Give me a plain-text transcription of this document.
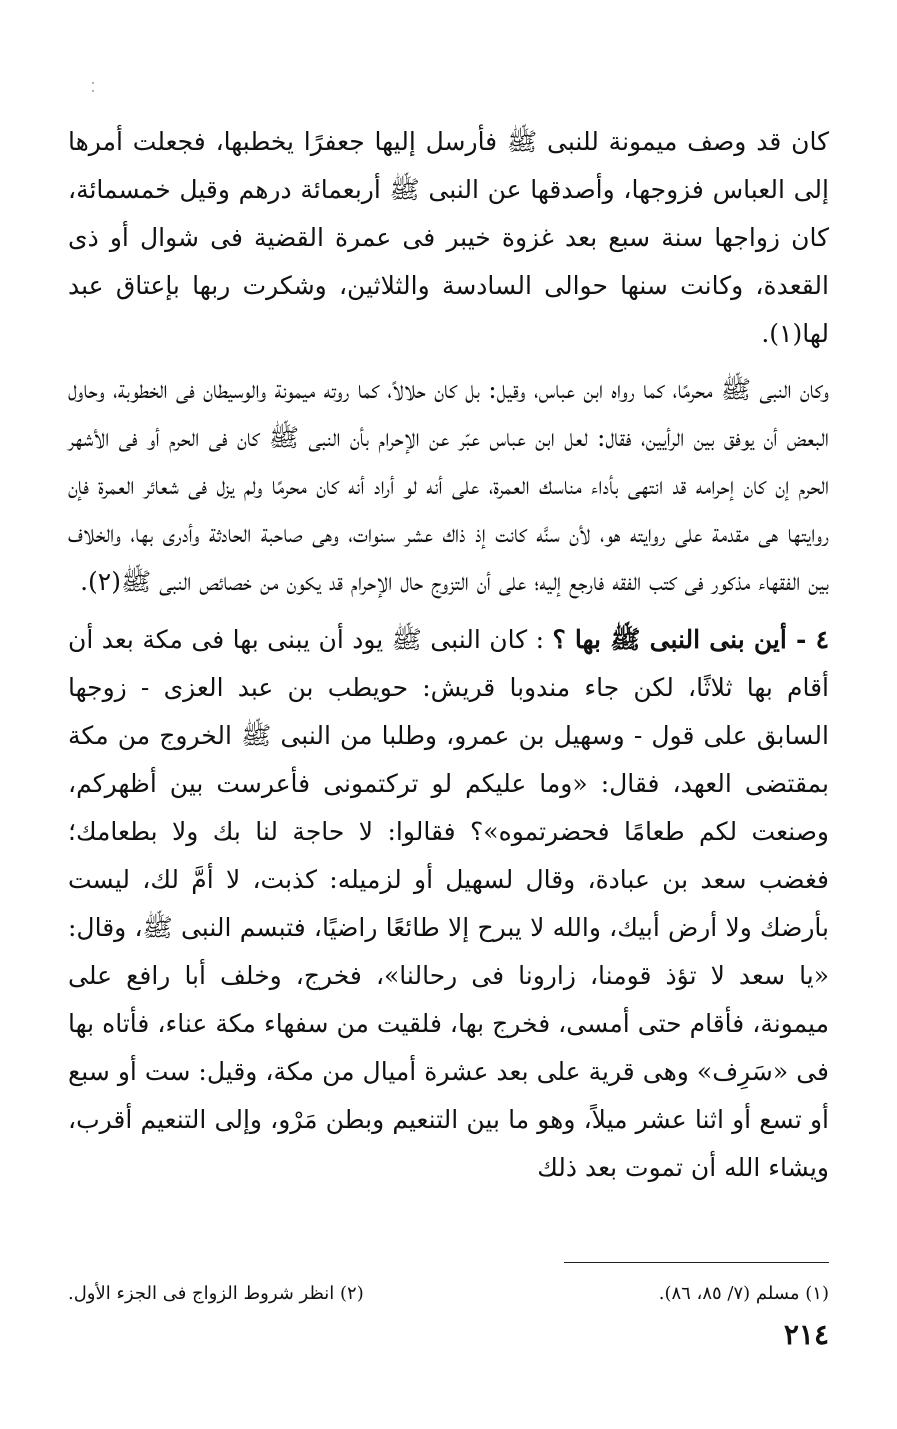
كان قد وصف ميمونة للنبى ﷺ فأرسل إليها جعفرًا يخطبها، فجعلت أمرها إلى العباس فزوجها، وأصدقها عن النبى ﷺ أربعمائة درهم وقيل خمسمائة، كان زواجها سنة سبع بعد غزوة خيبر فى عمرة القضية فى شوال أو ذى القعدة، وكانت سنها حوالى السادسة والثلاثين، وشكرت ربها بإعتاق عبد لها(١).

وكان النبى ﷺ محرمًا، كما رواه ابن عباس، وقيل: بل كان حلالاً، كما روته ميمونة والوسيطان فى الخطوبة، وحاول البعض أن يوفق بين الرأيين، فقال: لعل ابن عباس عبّر عن الإحرام بأن النبى ﷺ كان فى الحرم أو فى الأشهر الحرم إن كان إحرامه قد انتهى بأداء مناسك العمرة، على أنه لو أراد أنه كان محرمًا ولم يزل فى شعائر العمرة فإن روايتها هى مقدمة على روايته هو، لأن سنَّه كانت إذ ذاك عشر سنوات، وهى صاحبة الحادثة وأدرى بها، والخلاف بين الفقهاء مذكور فى كتب الفقه فارجع إليه؛ على أن التزوج حال الإحرام قد يكون من خصائص النبى ﷺ(٢).

٤ - أين بنى النبى ﷺ بها ؟ : كان النبى ﷺ يود أن يبنى بها فى مكة بعد أن أقام بها ثلاثًا، لكن جاء مندوبا قريش: حويطب بن عبد العزى - زوجها السابق على قول - وسهيل بن عمرو، وطلبا من النبى ﷺ الخروج من مكة بمقتضى العهد، فقال: «وما عليكم لو تركتمونى فأعرست بين أظهركم، وصنعت لكم طعامًا فحضرتموه»؟ فقالوا: لا حاجة لنا بك ولا بطعامك؛ فغضب سعد بن عبادة، وقال لسهيل أو لزميله: كذبت، لا أمَّ لك، ليست بأرضك ولا أرض أبيك، والله لا يبرح إلا طائعًا راضيًا، فتبسم النبى ﷺ، وقال: «يا سعد لا تؤذ قومنا، زارونا فى رحالنا»، فخرج، وخلف أبا رافع على ميمونة، فأقام حتى أمسى، فخرج بها، فلقيت من سفهاء مكة عناء، فأتاه بها فى «سَرِف» وهى قرية على بعد عشرة أميال من مكة، وقيل: ست أو سبع أو تسع أو اثنا عشر ميلاً، وهو ما بين التنعيم وبطن مَرْو، وإلى التنعيم أقرب، ويشاء الله أن تموت بعد ذلك

(١) مسلم (٧/ ٨٥، ٨٦).
(٢) انظر شروط الزواج فى الجزء الأول.
٢١٤
